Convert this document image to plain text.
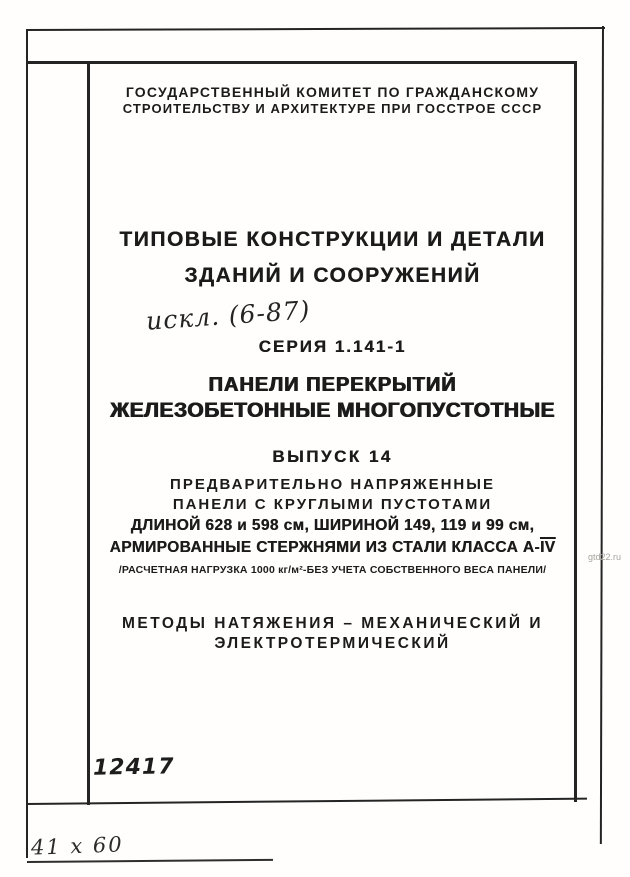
ГОСУДАРСТВЕННЫЙ КОМИТЕТ ПО ГРАЖДАНСКОМУ
СТРОИТЕЛЬСТВУ И АРХИТЕКТУРЕ ПРИ ГОССТРОЕ СССР
ТИПОВЫЕ КОНСТРУКЦИИ И ДЕТАЛИ
ЗДАНИЙ И СООРУЖЕНИЙ
искл. (6-87)
СЕРИЯ 1.141-1
ПАНЕЛИ ПЕРЕКРЫТИЙ
ЖЕЛЕЗОБЕТОННЫЕ МНОГОПУСТОТНЫЕ
ВЫПУСК 14
ПРЕДВАРИТЕЛЬНО НАПРЯЖЕННЫЕ
ПАНЕЛИ С КРУГЛЫМИ ПУСТОТАМИ
ДЛИНОЙ 628 и 598 см, ШИРИНОЙ 149, 119 и 99 см,
АРМИРОВАННЫЕ СТЕРЖНЯМИ ИЗ СТАЛИ КЛАССА $А-\overline{IV}$
/РАСЧЕТНАЯ НАГРУЗКА 1000 кг/м²-БЕЗ УЧЕТА СОБСТВЕННОГО ВЕСА ПАНЕЛИ/
МЕТОДЫ НАТЯЖЕНИЯ – МЕХАНИЧЕСКИЙ И
ЭЛЕКТРОТЕРМИЧЕСКИЙ
12417
41 х 60
gtd22.ru
